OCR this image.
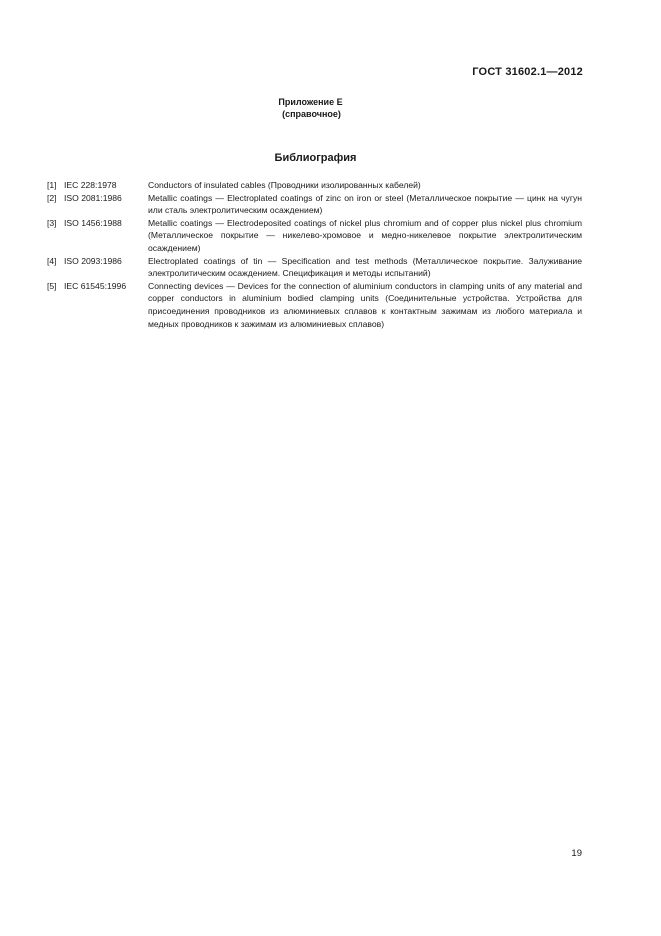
ГОСТ 31602.1—2012
Приложение Е
(справочное)
Библиография
[1] IEC 228:1978	Conductors of insulated cables (Проводники изолированных кабелей)
[2] ISO 2081:1986	Metallic coatings — Electroplated coatings of zinc on iron or steel (Металлическое покрытие — цинк на чугун или сталь электролитическим осаждением)
[3] ISO 1456:1988	Metallic coatings — Electrodeposited coatings of nickel plus chromium and of copper plus nickel plus chromium (Металлическое покрытие — никелево-хромовое и медно-никелевое покрытие электролитическим осаждением)
[4] ISO 2093:1986	Electroplated coatings of tin — Specification and test methods (Металлическое покрытие. Залуживание электролитическим осаждением. Спецификация и методы испытаний)
[5] IEC 61545:1996	Connecting devices — Devices for the connection of aluminium conductors in clamping units of any material and copper conductors in aluminium bodied clamping units (Соединительные устройства. Устройства для присоединения проводников из алюминиевых сплавов к контактным зажимам из любого материала и медных проводников к зажимам из алюминиевых сплавов)
19
